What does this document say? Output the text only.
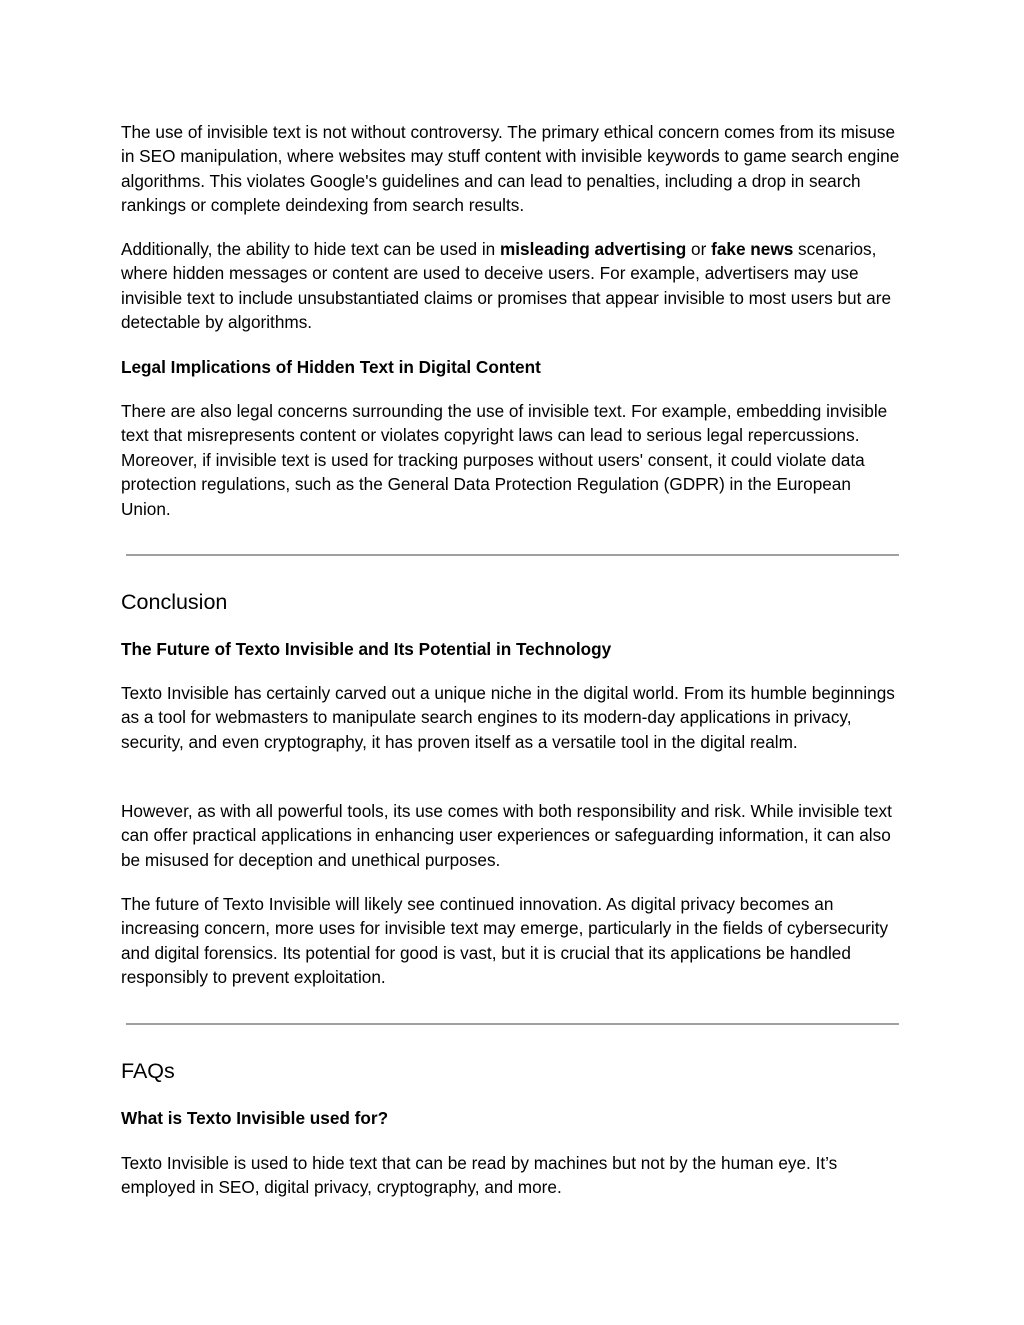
The use of invisible text is not without controversy. The primary ethical concern comes from its misuse in SEO manipulation, where websites may stuff content with invisible keywords to game search engine algorithms. This violates Google's guidelines and can lead to penalties, including a drop in search rankings or complete deindexing from search results.

Additionally, the ability to hide text can be used in misleading advertising or fake news scenarios, where hidden messages or content are used to deceive users. For example, advertisers may use invisible text to include unsubstantiated claims or promises that appear invisible to most users but are detectable by algorithms.

Legal Implications of Hidden Text in Digital Content

There are also legal concerns surrounding the use of invisible text. For example, embedding invisible text that misrepresents content or violates copyright laws can lead to serious legal repercussions. Moreover, if invisible text is used for tracking purposes without users' consent, it could violate data protection regulations, such as the General Data Protection Regulation (GDPR) in the European Union.

Conclusion
The Future of Texto Invisible and Its Potential in Technology

Texto Invisible has certainly carved out a unique niche in the digital world. From its humble beginnings as a tool for webmasters to manipulate search engines to its modern-day applications in privacy, security, and even cryptography, it has proven itself as a versatile tool in the digital realm.

However, as with all powerful tools, its use comes with both responsibility and risk. While invisible text can offer practical applications in enhancing user experiences or safeguarding information, it can also be misused for deception and unethical purposes.

The future of Texto Invisible will likely see continued innovation. As digital privacy becomes an increasing concern, more uses for invisible text may emerge, particularly in the fields of cybersecurity and digital forensics. Its potential for good is vast, but it is crucial that its applications be handled responsibly to prevent exploitation.

FAQs
What is Texto Invisible used for?

Texto Invisible is used to hide text that can be read by machines but not by the human eye. It’s employed in SEO, digital privacy, cryptography, and more.
